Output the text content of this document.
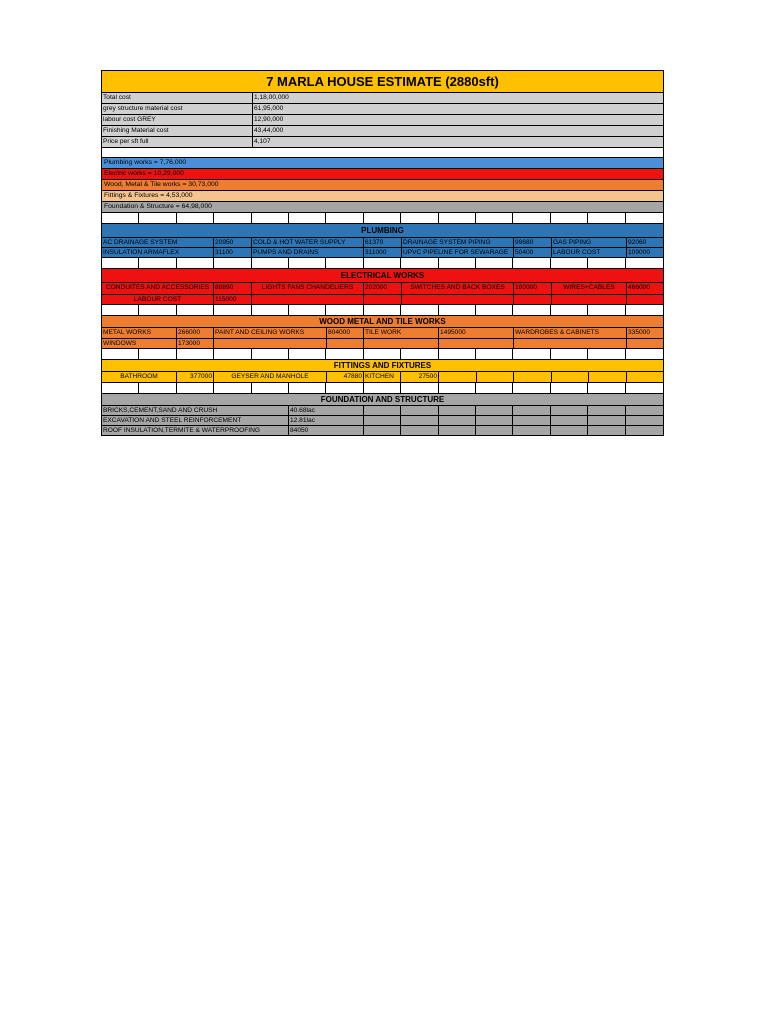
7 MARLA HOUSE ESTIMATE (2880sft)
Total cost	1,18,00,000
grey structure material cost	61,95,000
labour cost GREY	12,90,000
Finishing Material cost	43,44,000
Price per sft full	4,107
Plumbing works = 7,76,000
Electric works = 10,29,000
Wood, Metal & Tile works = 30,73,000
Fittings & Fixtures = 4,53,000
Foundation & Structure = 64,98,000
PLUMBING
AC DRAINAGE SYSTEM	20950	COLD & HOT WATER SUPPLY	61370	DRAINAGE SYSTEM PIPING	99680	GAS PIPING	92060
INSULATION ARMAFLEX	31100	PUMPS AND DRAINS	311000	UPVC PIPELINE FOR SEWARAGE	50400	LABOUR COST	109000
ELECTRICAL WORKS
CONDUITES AND ACCESSORIES 88890	LIGHTS FANS CHANDELIERS	202000	SWITCHES AND BACK BOXES	180000	WIRES+CABLES	466000
LABOUR COST	115000
WOOD METAL AND TILE WORKS
METAL WORKS	266000	PAINT AND CEILING WORKS	804000	TILE WORK	1495000	WARDROBES & CABINETS	335000
WINDOWS	173000
FITTINGS AND FIXTURES
BATHROOM	377000	GEYSER AND MANHOLE	47880 KITCHEN	27500
FOUNDATION AND STRUCTURE
BRICKS,CEMENT,SAND AND CRUSH	40.68lac
EXCAVATION AND STEEL REINFORCEMENT	12.81lac
ROOF INSULATION,TERMITE & WATERPROOFING	84050
